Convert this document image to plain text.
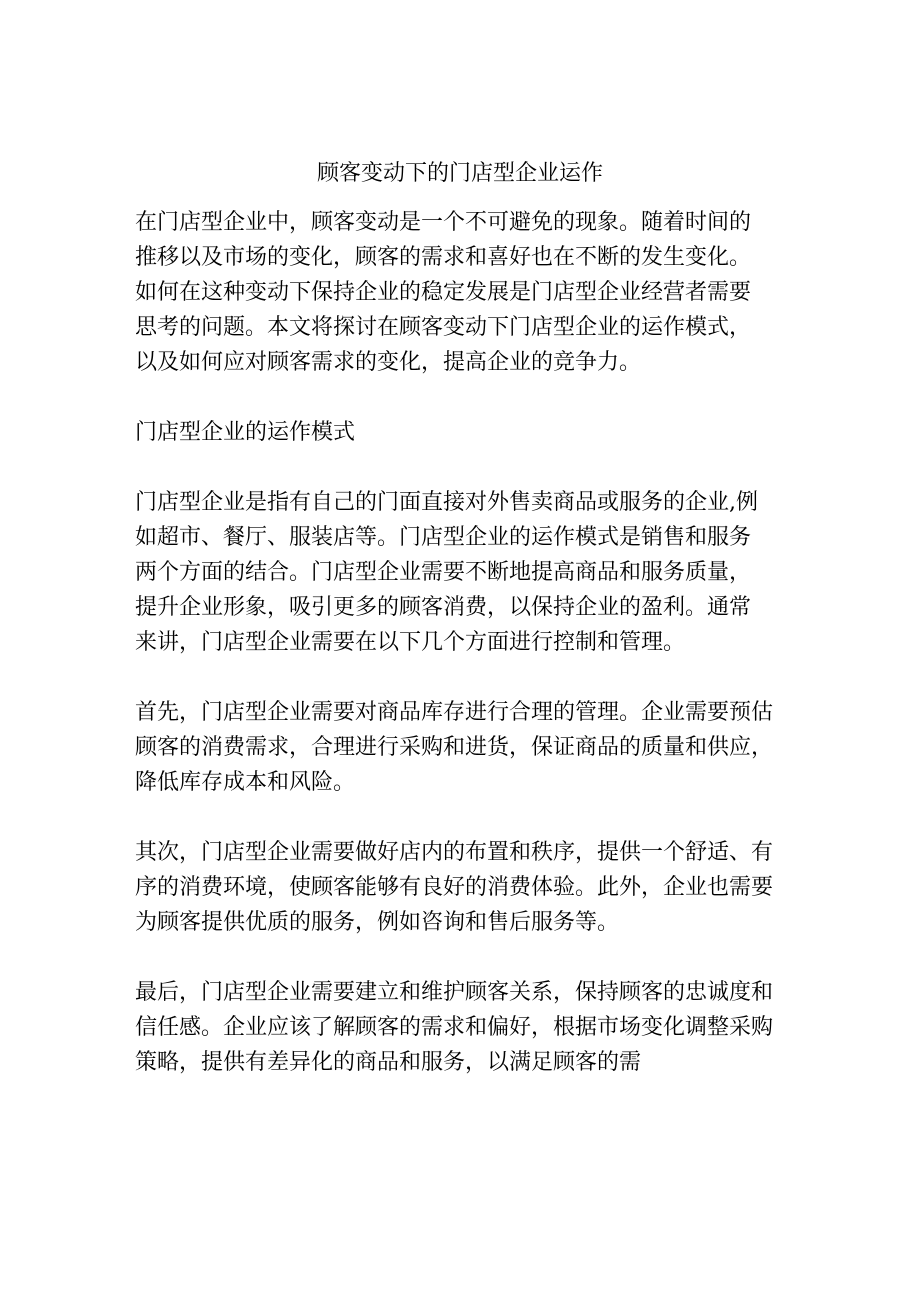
顾客变动下的门店型企业运作

在门店型企业中，顾客变动是一个不可避免的现象。随着时间的
推移以及市场的变化，顾客的需求和喜好也在不断的发生变化。
如何在这种变动下保持企业的稳定发展是门店型企业经营者需要
思考的问题。本文将探讨在顾客变动下门店型企业的运作模式，
以及如何应对顾客需求的变化，提高企业的竞争力。

门店型企业的运作模式

门店型企业是指有自己的门面直接对外售卖商品或服务的企业,例
如超市、餐厅、服装店等。门店型企业的运作模式是销售和服务
两个方面的结合。门店型企业需要不断地提高商品和服务质量，
提升企业形象，吸引更多的顾客消费，以保持企业的盈利。通常
来讲，门店型企业需要在以下几个方面进行控制和管理。

首先，门店型企业需要对商品库存进行合理的管理。企业需要预估
顾客的消费需求，合理进行采购和进货，保证商品的质量和供应，
降低库存成本和风险。

其次，门店型企业需要做好店内的布置和秩序，提供一个舒适、有
序的消费环境，使顾客能够有良好的消费体验。此外，企业也需要
为顾客提供优质的服务，例如咨询和售后服务等。

最后，门店型企业需要建立和维护顾客关系，保持顾客的忠诚度和
信任感。企业应该了解顾客的需求和偏好，根据市场变化调整采购
策略，提供有差异化的商品和服务，以满足顾客的需
